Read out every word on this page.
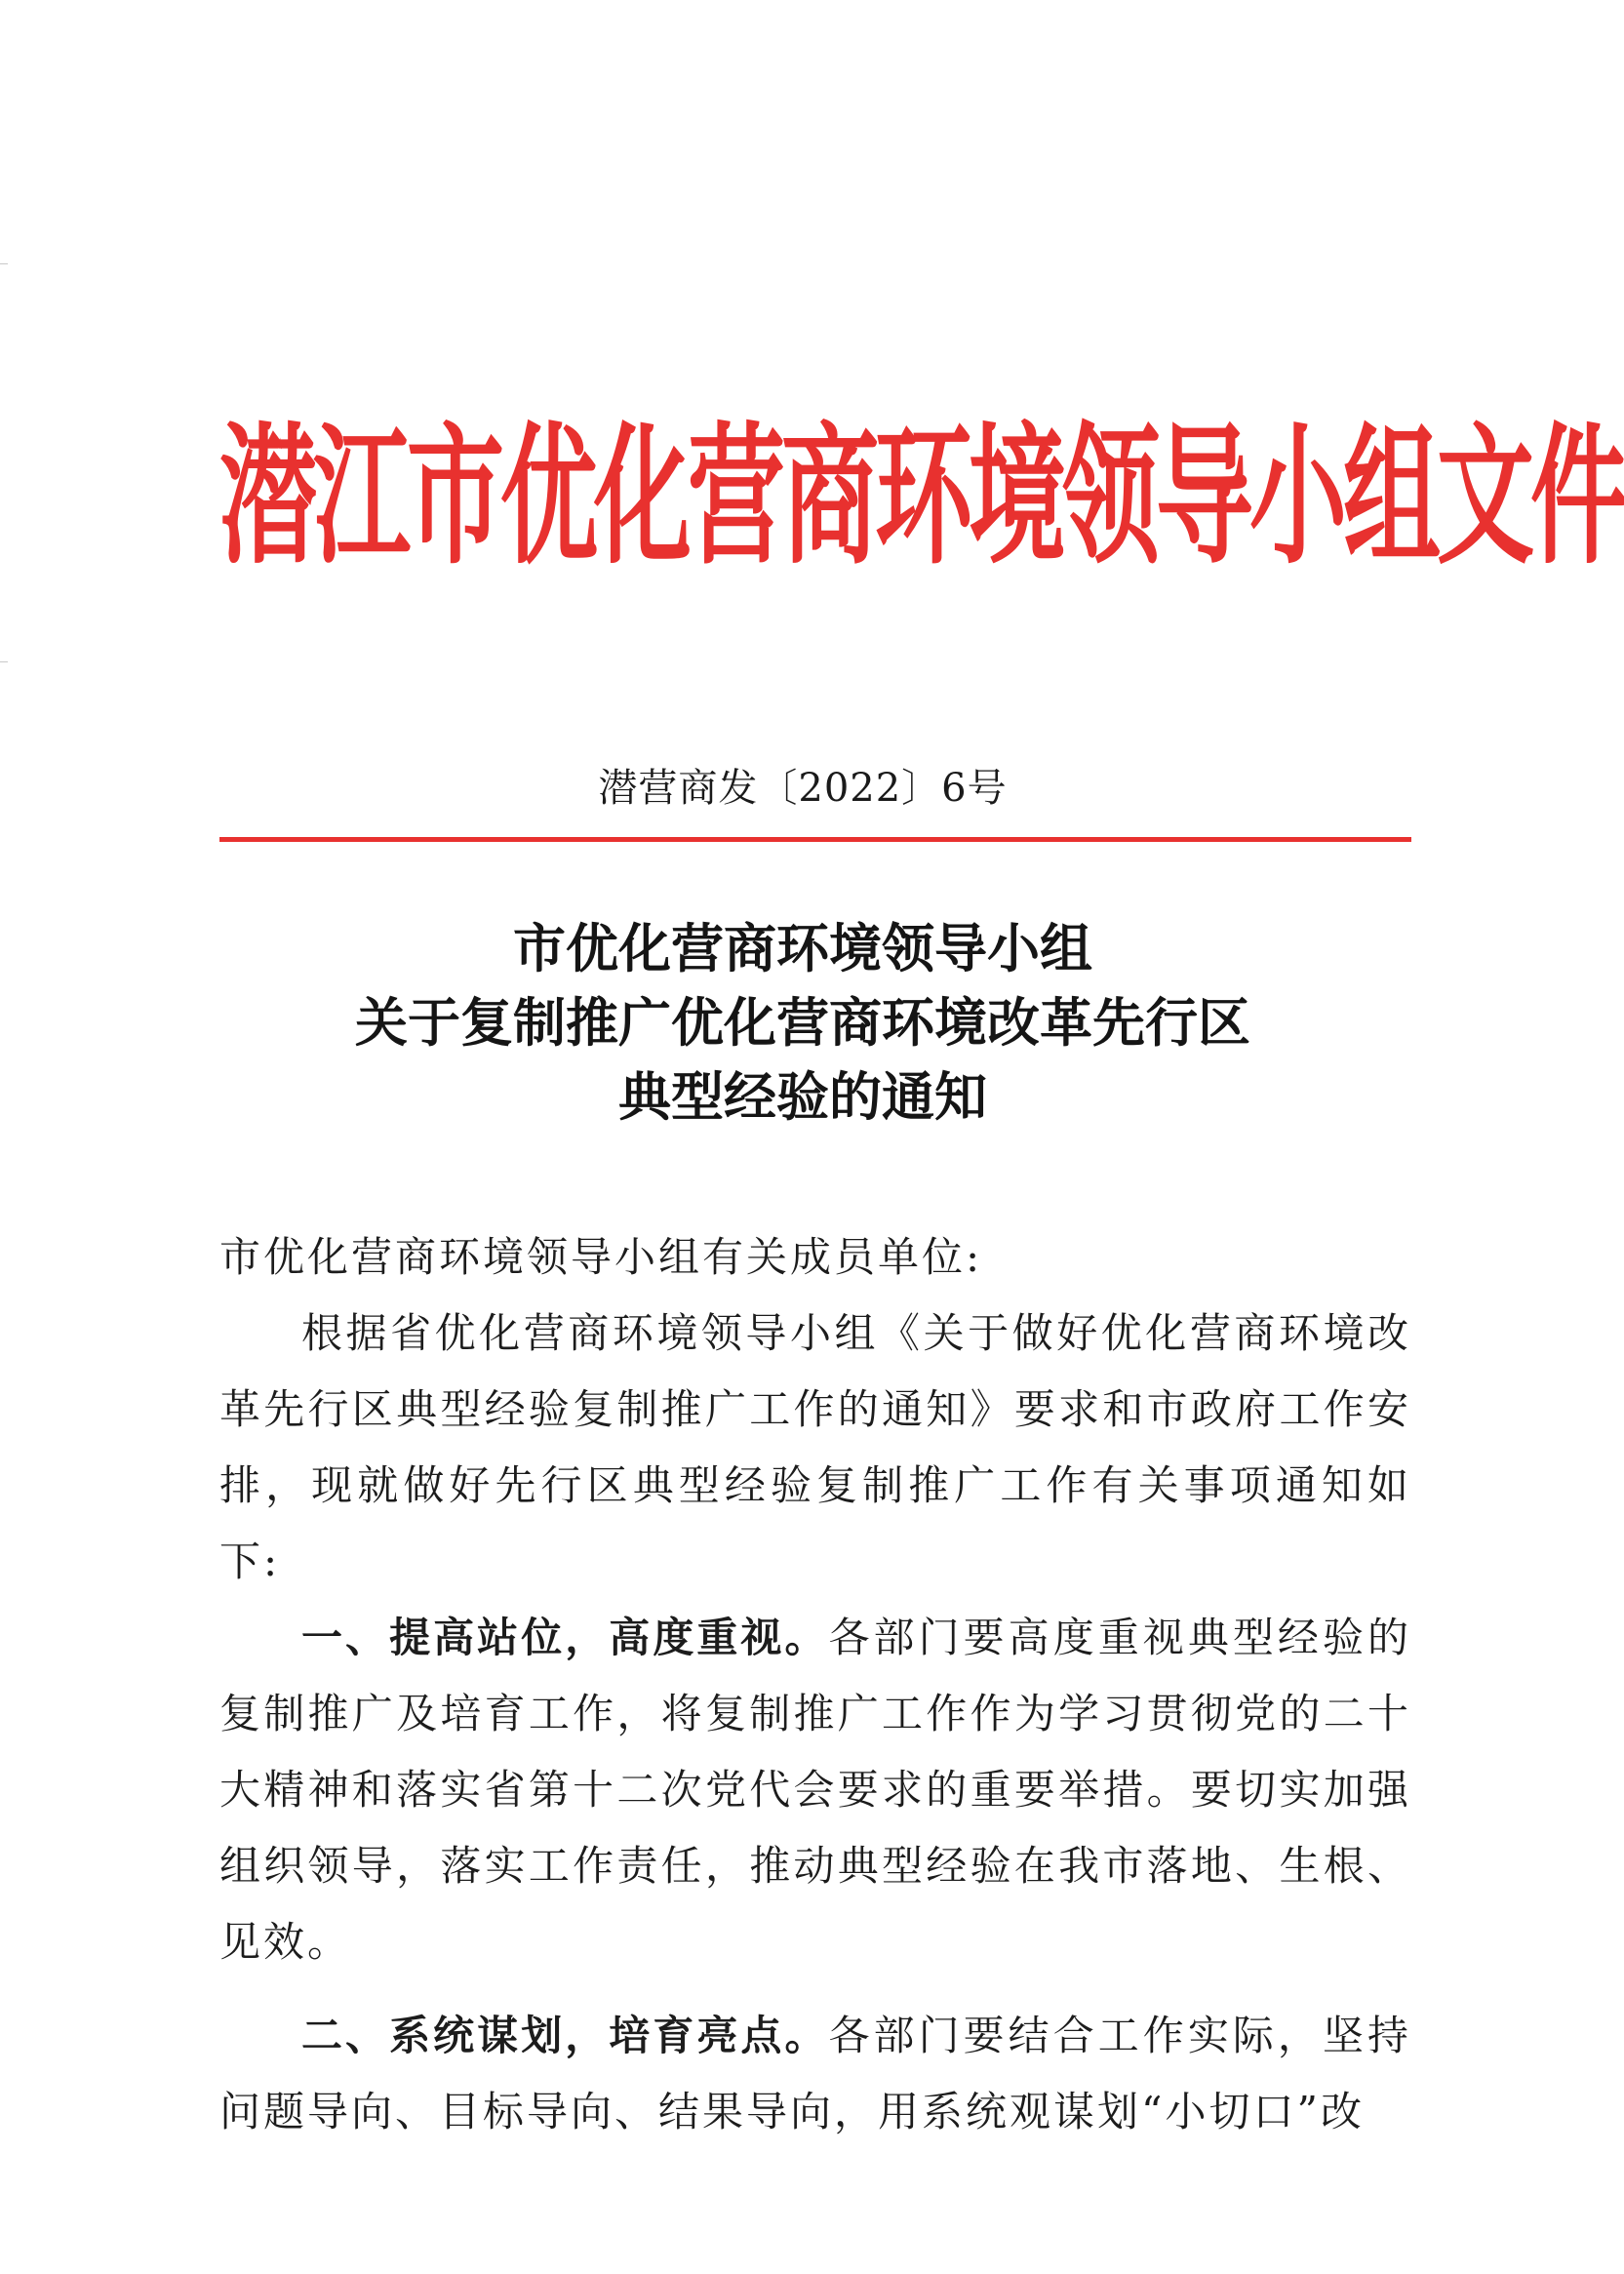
潜江市优化营商环境领导小组文件
潜营商发〔2022〕6号
市优化营商环境领导小组
关于复制推广优化营商环境改革先行区
典型经验的通知

市优化营商环境领导小组有关成员单位:

根据省优化营商环境领导小组《关于做好优化营商环境改革先行区典型经验复制推广工作的通知》要求和市政府工作安排，现就做好先行区典型经验复制推广工作有关事项通知如下:

一、提高站位，高度重视。各部门要高度重视典型经验的复制推广及培育工作，将复制推广工作作为学习贯彻党的二十大精神和落实省第十二次党代会要求的重要举措。要切实加强组织领导，落实工作责任，推动典型经验在我市落地、生根、见效。

二、系统谋划，培育亮点。各部门要结合工作实际，坚持问题导向、目标导向、结果导向，用系统观谋划“小切口”改
